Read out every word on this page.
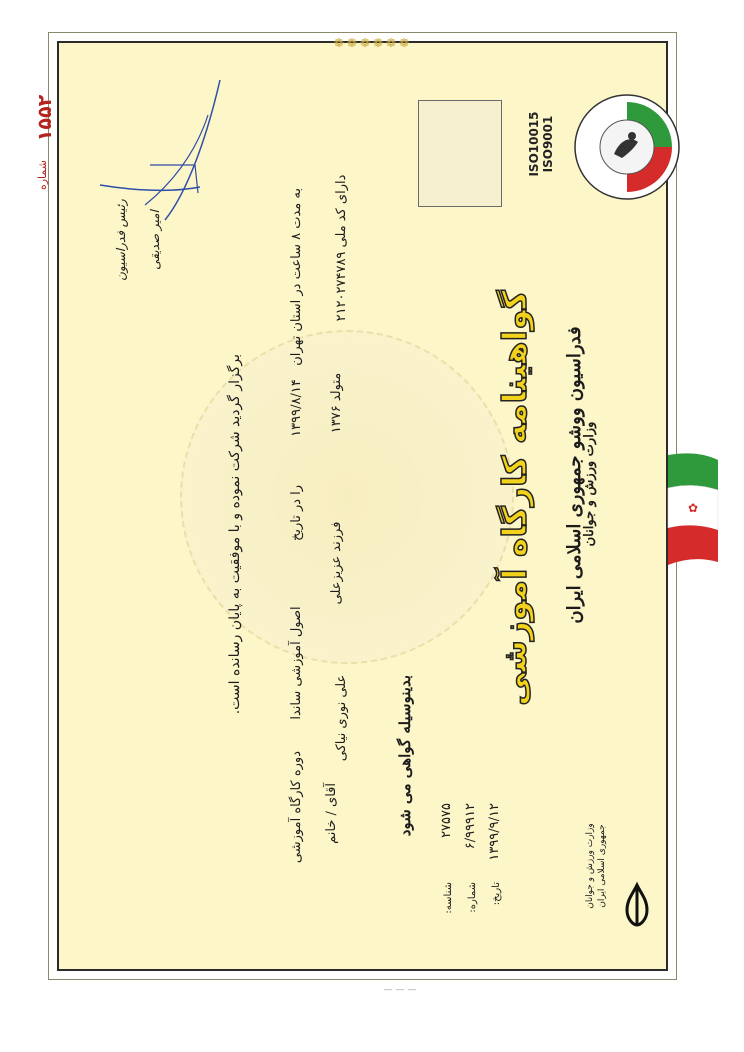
❁❁❁❁❁❁
ISO9001
ISO10015
وزارت ورزش و جوانان
فدراسیون ووشو جمهوری اسلامی ایران
گواهینامه کارگاه آموزشی	✿
جمهوری اسلامی ایران
وزارت ورزش و جوانان
تاریخ:
۱۳۹۹/۹/۱۲
شماره:
۶/۹۹۹۱۲
شناسه:
۲۷۵۷۵
بدینوسیله گواهی می شود
آقای / خانم
علی نوری نیاکی
فرزند عزیزعلی
متولد ۱۳۷۶
دارای کد ملی ۲۱۲۰۲۷۴۷۸۹
دوره کارگاه آموزشی
اصول آموزشی ساندا
را در تاریخ
۱۳۹۹/۸/۱۴
به مدت ۸ ساعت در استان تهران
برگزار گردید شرکت نموده و با موفقیت به پایان رسانده است.
امیر صدیقی
رئیس فدراسیون
شماره
۱۵۵۲
— — —
